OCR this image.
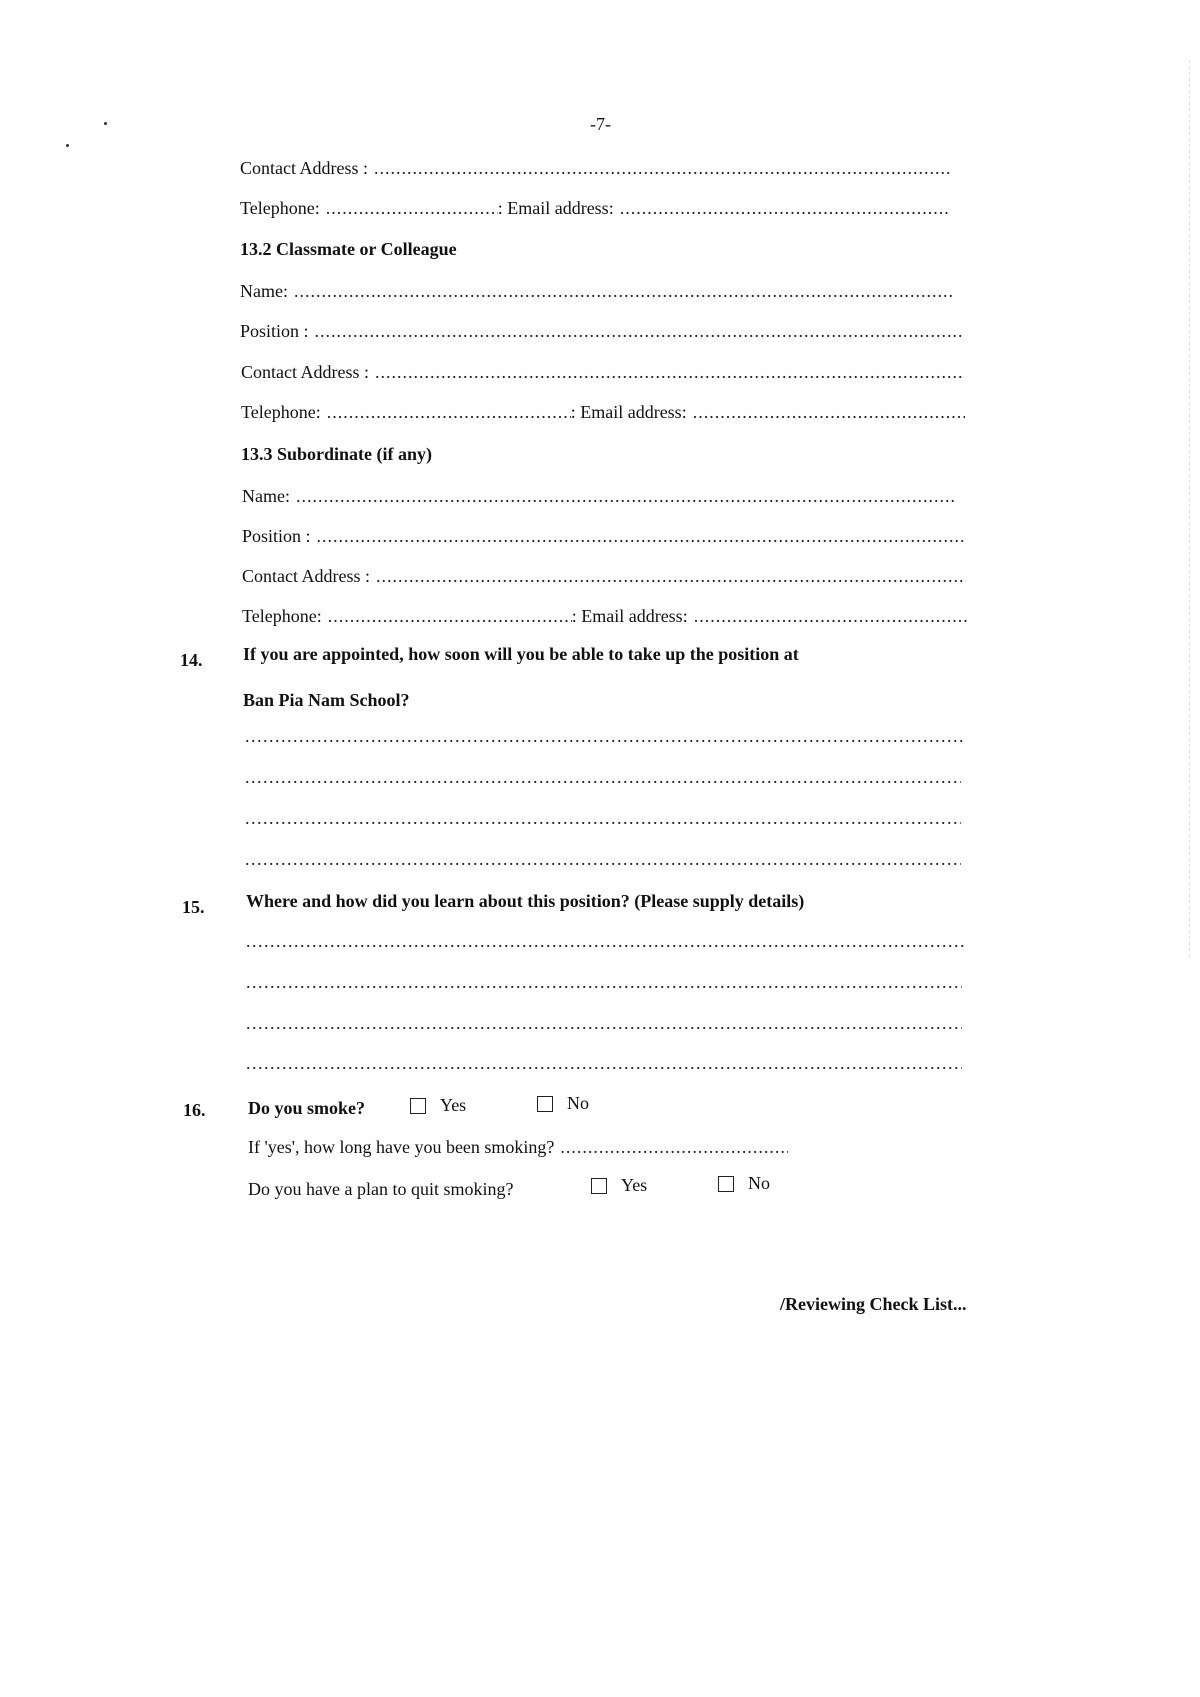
-7-
Contact Address :
.....
Telephone: .....	: Email address:
.....
13.2 Classmate or Colleague
Name:
.....
Position :
.....
Contact Address :
.....
Telephone: .....	: Email address:
.....
13.3 Subordinate (if any)
Name:
.....
Position :
.....
Contact Address :
.....
Telephone: .....	: Email address:
.....
14. If you are appointed, how soon will you be able to take up the position at
Ban Pia Nam School?
.....
.....
.....
.....
15. Where and how did you learn about this position? (Please supply details)
.....
.....
.....
.....
16. Do you smoke?	Yes	No
If 'yes', how long have you been smoking?
.....
Do you have a plan to quit smoking?	Yes	No
/Reviewing Check List...
